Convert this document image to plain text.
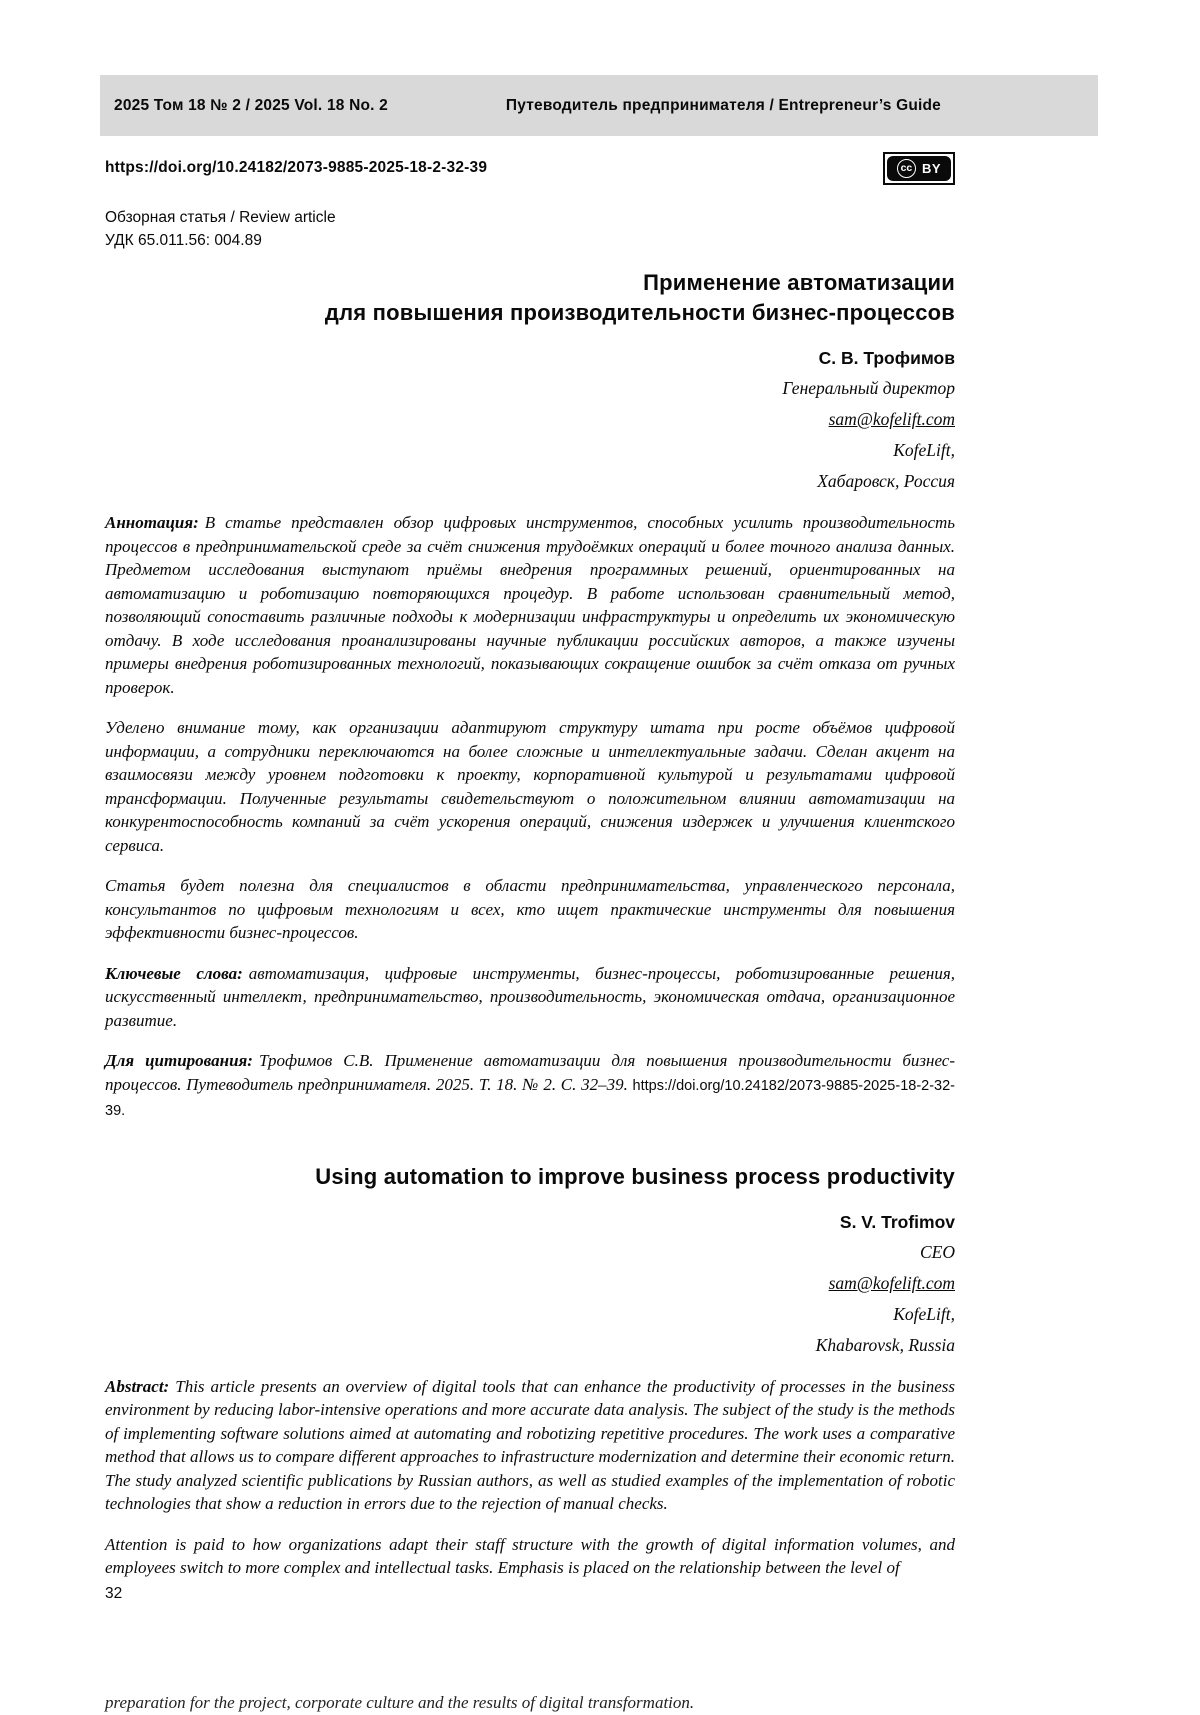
2025 Том 18 № 2 / 2025 Vol. 18 No. 2	Путеводитель предпринимателя / Entrepreneur’s Guide
https://doi.org/10.24182/2073-9885-2025-18-2-32-39	cc BY
Обзорная статья / Review article
УДК 65.011.56: 004.89
Применение автоматизации
для повышения производительности бизнес-процессов
С. В. Трофимов
Генеральный директор
sam@kofelift.com
KofeLift,
Хабаровск, Россия

Аннотация: В статье представлен обзор цифровых инструментов, способных усилить производительность процессов в предпринимательской среде за счёт снижения трудоёмких операций и более точного анализа данных. Предметом исследования выступают приёмы внедрения программных решений, ориентированных на автоматизацию и роботизацию повторяющихся процедур. В работе использован сравнительный метод, позволяющий сопоставить различные подходы к модернизации инфраструктуры и определить их экономическую отдачу. В ходе исследования проанализированы научные публикации российских авторов, а также изучены примеры внедрения роботизированных технологий, показывающих сокращение ошибок за счёт отказа от ручных проверок.

Уделено внимание тому, как организации адаптируют структуру штата при росте объёмов цифровой информации, а сотрудники переключаются на более сложные и интеллектуальные задачи. Сделан акцент на взаимосвязи между уровнем подготовки к проекту, корпоративной культурой и результатами цифровой трансформации. Полученные результаты свидетельствуют о положительном влиянии автоматизации на конкурентоспособность компаний за счёт ускорения операций, снижения издержек и улучшения клиентского сервиса.

Статья будет полезна для специалистов в области предпринимательства, управленческого персонала, консультантов по цифровым технологиям и всех, кто ищет практические инструменты для повышения эффективности бизнес-процессов.

Ключевые слова: автоматизация, цифровые инструменты, бизнес-процессы, роботизированные решения, искусственный интеллект, предпринимательство, производительность, экономическая отдача, организационное развитие.

Для цитирования: Трофимов С.В. Применение автоматизации для повышения производительности бизнес-процессов. Путеводитель предпринимателя. 2025. Т. 18. № 2. С. 32–39. https://doi.org/10.24182/2073-9885-2025-18-2-32-39.

Using automation to improve business process productivity
S. V. Trofimov
CEO
sam@kofelift.com
KofeLift,
Khabarovsk, Russia

Abstract: This article presents an overview of digital tools that can enhance the productivity of processes in the business environment by reducing labor-intensive operations and more accurate data analysis. The subject of the study is the methods of implementing software solutions aimed at automating and robotizing repetitive procedures. The work uses a comparative method that allows us to compare different approaches to infrastructure modernization and determine their economic return. The study analyzed scientific publications by Russian authors, as well as studied examples of the implementation of robotic technologies that show a reduction in errors due to the rejection of manual checks.

Attention is paid to how organizations adapt their staff structure with the growth of digital information volumes, and employees switch to more complex and intellectual tasks. Emphasis is placed on the relationship between the level of

32
preparation for the project, corporate culture and the results of digital transformation.
